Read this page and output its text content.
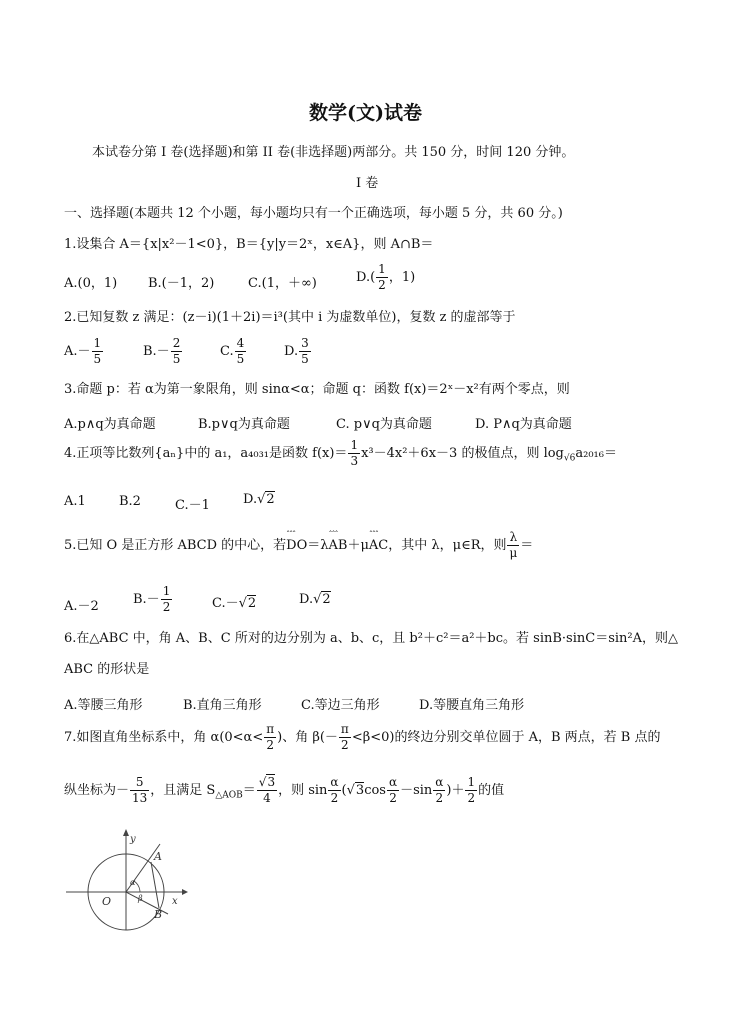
数学(文)试卷
本试卷分第 I 卷(选择题)和第 II 卷(非选择题)两部分。共 150 分，时间 120 分钟。
I 卷
一、选择题(本题共 12 个小题，每小题均只有一个正确选项，每小题 5 分，共 60 分。)
1.设集合 A＝{x|x²－1<0}，B＝{y|y＝2ˣ，x∈A}，则 A∩B＝
A.(0，1) B.(－1，2)	C.(1，＋∞)	$D.( \frac{1}{2}$ ，1)
2.已知复数 z 满足：(z－i)(1＋2i)＝i³(其中 i 为虚数单位)，复数 z 的虚部等于
$A.- \frac{1}{5}$	$B.- \frac{2}{5}$	C. $\frac{4}{5}$	D. $\frac{3}{5}$
3.命题 p：若 α为第一象限角，则 sinα<α；命题 q：函数 f(x)＝2ˣ－x²有两个零点，则
A.p∧q为真命题	B.p∨q为真命题	C. p∨q为真命题	D. P∧q为真命题
4.正项等比数列{aₙ}中的 a₁，a₄₀₃₁是函数 $f(x)= \frac{1}{3} x^3-4x^2+6x-3$ 的极值点，则 $\log_{√6}a_{2016}=$
A.1	B.2	C.－1	D.√2
5.已知 O 是正方形 ABCD 的中心，若ˆˆˆ DO＝λˆˆˆ AB＋μˆˆˆ AC，其中 λ，μ∈R，则 $\frac{\lambda}{\mu}$ ＝
A.－2	$B.- \frac{1}{2}$	C.－√2	D.√2
6.在△ABC 中，角 A、B、C 所对的边分别为 a、b、c，且 b²＋c²＝a²＋bc。若 sinB·sinC＝sin²A，则△
ABC 的形状是
A.等腰三角形	B.直角三角形	C.等边三角形	D.等腰直角三角形
7.如图直角坐标系中，角 $\alpha(0<\alpha< \frac{\pi}{2}$ )、角 $\beta(- \frac{\pi}{2} <\beta<0)$的终边分别交单位圆于 A，B 两点，若 B 点的
纵坐标为－ $\frac{5}{13}$ ，且满足 $S_{\triangle AOB}= \frac{√3}{4}$ ，则 $\sin \frac{\alpha}{2} (√3\cos \frac{\alpha}{2} -\sin \frac{\alpha}{2}$ )＋ $\frac{1}{2}$ 的值
y
x
O
A
B
α
β
